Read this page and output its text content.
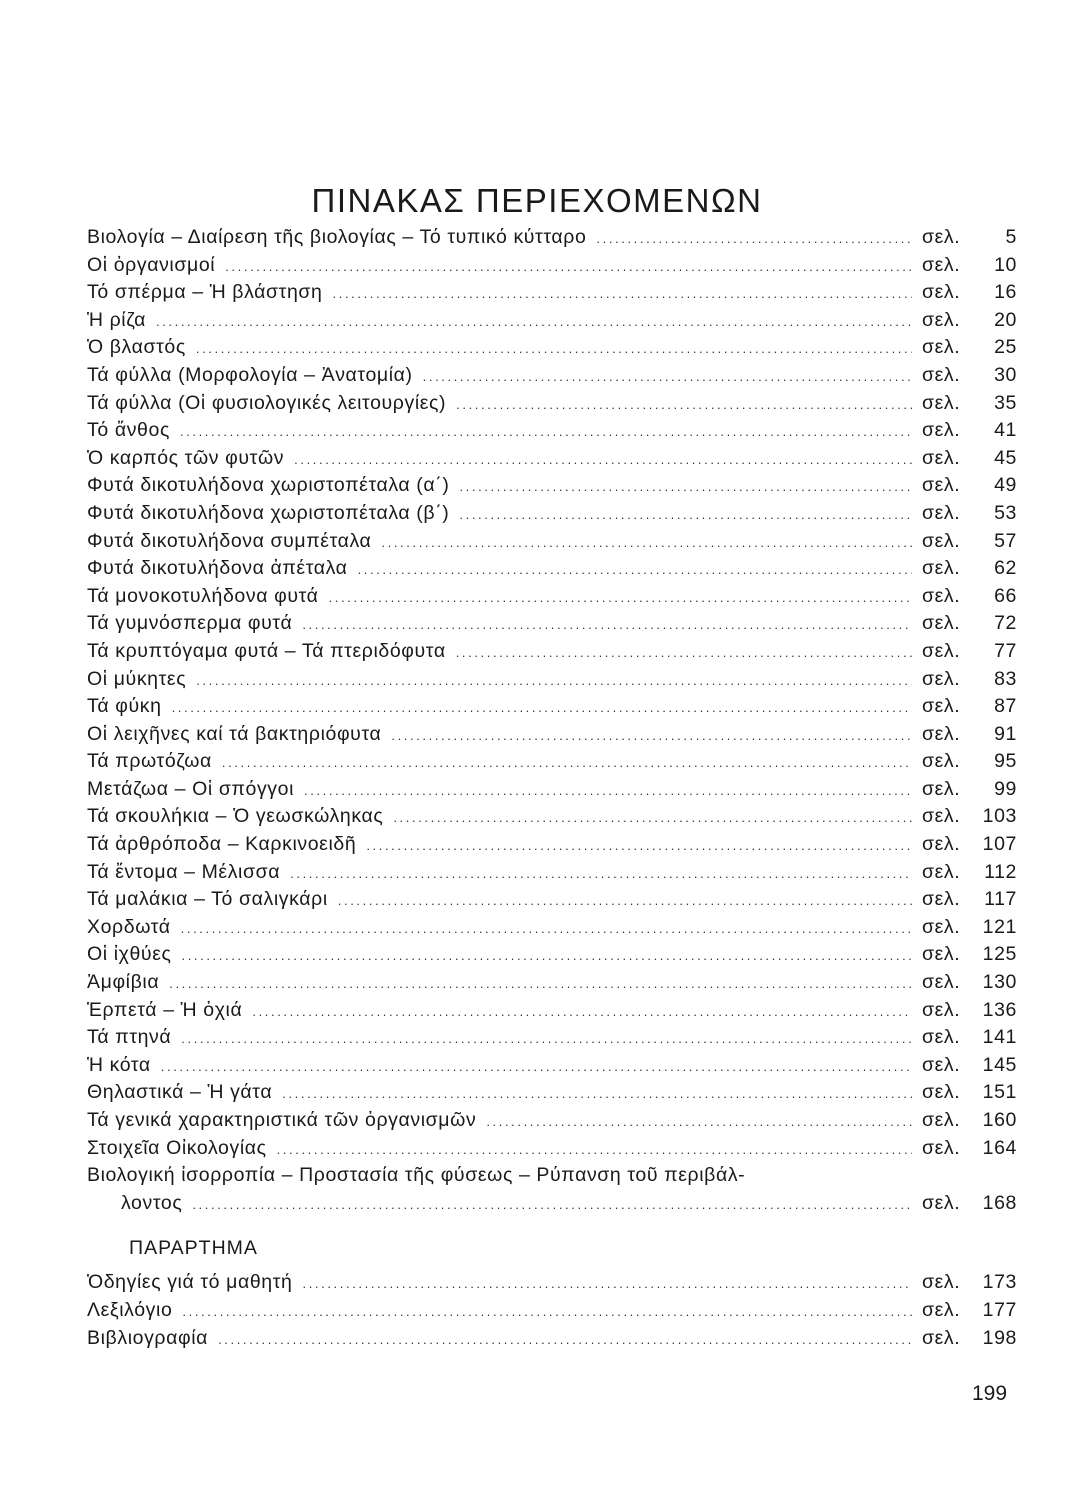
ΠΙΝΑΚΑΣ ΠΕΡΙΕΧΟΜΕΝΩΝ
Βιολογία – Διαίρεση τῆς βιολογίας – Τό τυπικό κύτταρο .....	σελ.	5
Οἱ ὀργανισμοί .....	σελ.	10
Τό σπέρμα – Ἡ βλάστηση .....	σελ.	16
Ἡ ρίζα .....	σελ.	20
Ὁ βλαστός .....	σελ.	25
Τά φύλλα (Μορφολογία – Ἀνατομία) .....	σελ.	30
Τά φύλλα (Οἱ φυσιολογικές λειτουργίες) .....	σελ.	35
Τό ἄνθος .....	σελ.	41
Ὁ καρπός τῶν φυτῶν .....	σελ.	45
Φυτά δικοτυλήδονα χωριστοπέταλα (α΄) .....	σελ.	49
Φυτά δικοτυλήδονα χωριστοπέταλα (β΄) .....	σελ.	53
Φυτά δικοτυλήδονα συμπέταλα .....	σελ.	57
Φυτά δικοτυλήδονα ἀπέταλα .....	σελ.	62
Τά μονοκοτυλήδονα φυτά .....	σελ.	66
Τά γυμνόσπερμα φυτά .....	σελ.	72
Τά κρυπτόγαμα φυτά – Τά πτεριδόφυτα .....	σελ.	77
Οἱ μύκητες .....	σελ.	83
Τά φύκη .....	σελ.	87
Οἱ λειχῆνες καί τά βακτηριόφυτα .....	σελ.	91
Τά πρωτόζωα .....	σελ.	95
Μετάζωα – Οἱ σπόγγοι .....	σελ.	99
Τά σκουλήκια – Ὁ γεωσκώληκας .....	σελ.	103
Τά ἀρθρόποδα – Καρκινοειδῆ .....	σελ.	107
Τά ἔντομα – Μέλισσα .....	σελ.	112
Τά μαλάκια – Τό σαλιγκάρι .....	σελ.	117
Χορδωτά .....	σελ.	121
Οἱ ἰχθύες .....	σελ.	125
Ἀμφίβια .....	σελ.	130
Ἑρπετά – Ἡ ὀχιά .....	σελ.	136
Τά πτηνά .....	σελ.	141
Ἡ κότα .....	σελ.	145
Θηλαστικά – Ἡ γάτα .....	σελ.	151
Τά γενικά χαρακτηριστικά τῶν ὀργανισμῶν .....	σελ.	160
Στοιχεῖα Οἰκολογίας .....	σελ.	164
Βιολογική ἰσορροπία – Προστασία τῆς φύσεως – Ρύπανση τοῦ περιβάλ-
λοντος .....	σελ.	168
ΠΑΡΑΡΤΗΜΑ
Ὁδηγίες γιά τό μαθητή .....	σελ.	173
Λεξιλόγιο .....	σελ.	177
Βιβλιογραφία .....	σελ.	198
199
